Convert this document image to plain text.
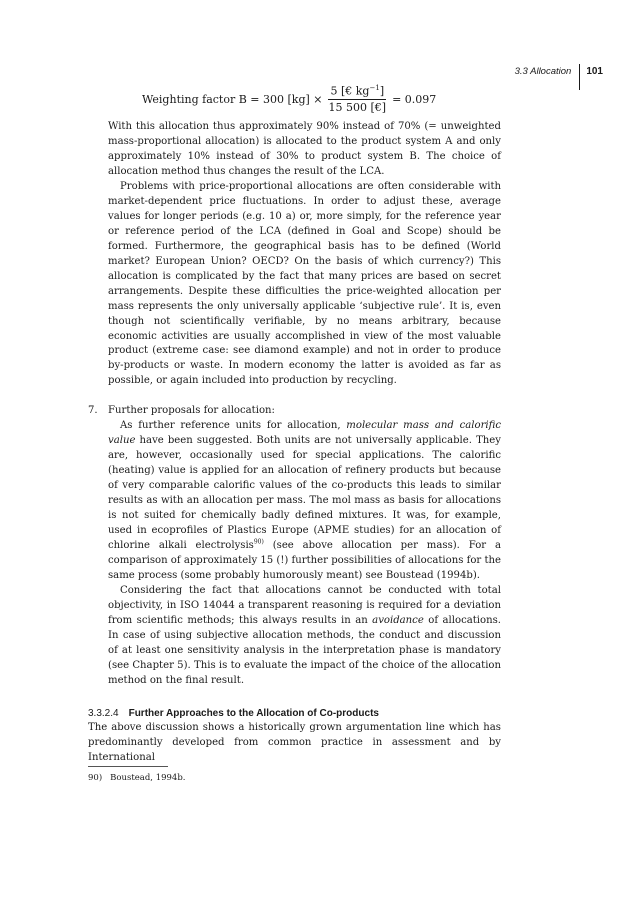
3.3 Allocation 101
Weighting factor B = 300 $[kg] \times \frac{5 [€ kg^{-1}]}{15 500 [€]} = 0.097$

With this allocation thus approximately 90% instead of 70% (= unweighted mass-proportional allocation) is allocated to the product system A and only approximately 10% instead of 30% to product system B. The choice of allocation method thus changes the result of the LCA.

Problems with price-proportional allocations are often considerable with market-dependent price fluctuations. In order to adjust these, average values for longer periods (e.g. 10 a) or, more simply, for the reference year or reference period of the LCA (defined in Goal and Scope) should be formed. Furthermore, the geographical basis has to be defined (World market? European Union? OECD? On the basis of which currency?) This allocation is complicated by the fact that many prices are based on secret arrangements. Despite these difficulties the price-weighted allocation per mass represents the only universally applicable ‘subjective rule’. It is, even though not scientifically verifiable, by no means arbitrary, because economic activities are usually accomplished in view of the most valuable product (extreme case: see diamond example) and not in order to produce by-products or waste. In modern economy the latter is avoided as far as possible, or again included into production by recycling.

7. Further proposals for allocation:

As further reference units for allocation, molecular mass and calorific value have been suggested. Both units are not universally applicable. They are, however, occasionally used for special applications. The calorific (heating) value is applied for an allocation of refinery products but because of very comparable calorific values of the co-products this leads to similar results as with an allocation per mass. The mol mass as basis for allocations is not suited for chemically badly defined mixtures. It was, for example, used in ecoprofiles of Plastics Europe (APME studies) for an allocation of chlorine alkali electrolysis$^{90)}$ (see above allocation per mass). For a comparison of approximately 15 (!) further possibilities of allocations for the same process (some probably humorously meant) see Boustead (1994b).

Considering the fact that allocations cannot be conducted with total objectivity, in ISO 14044 a transparent reasoning is required for a deviation from scientific methods; this always results in an avoidance of allocations. In case of using subjective allocation methods, the conduct and discussion of at least one sensitivity analysis in the interpretation phase is mandatory (see Chapter 5). This is to evaluate the impact of the choice of the allocation method on the final result.

3.3.2.4 Further Approaches to the Allocation of Co-products

The above discussion shows a historically grown argumentation line which has predominantly developed from common practice in assessment and by International

90) Boustead, 1994b.
